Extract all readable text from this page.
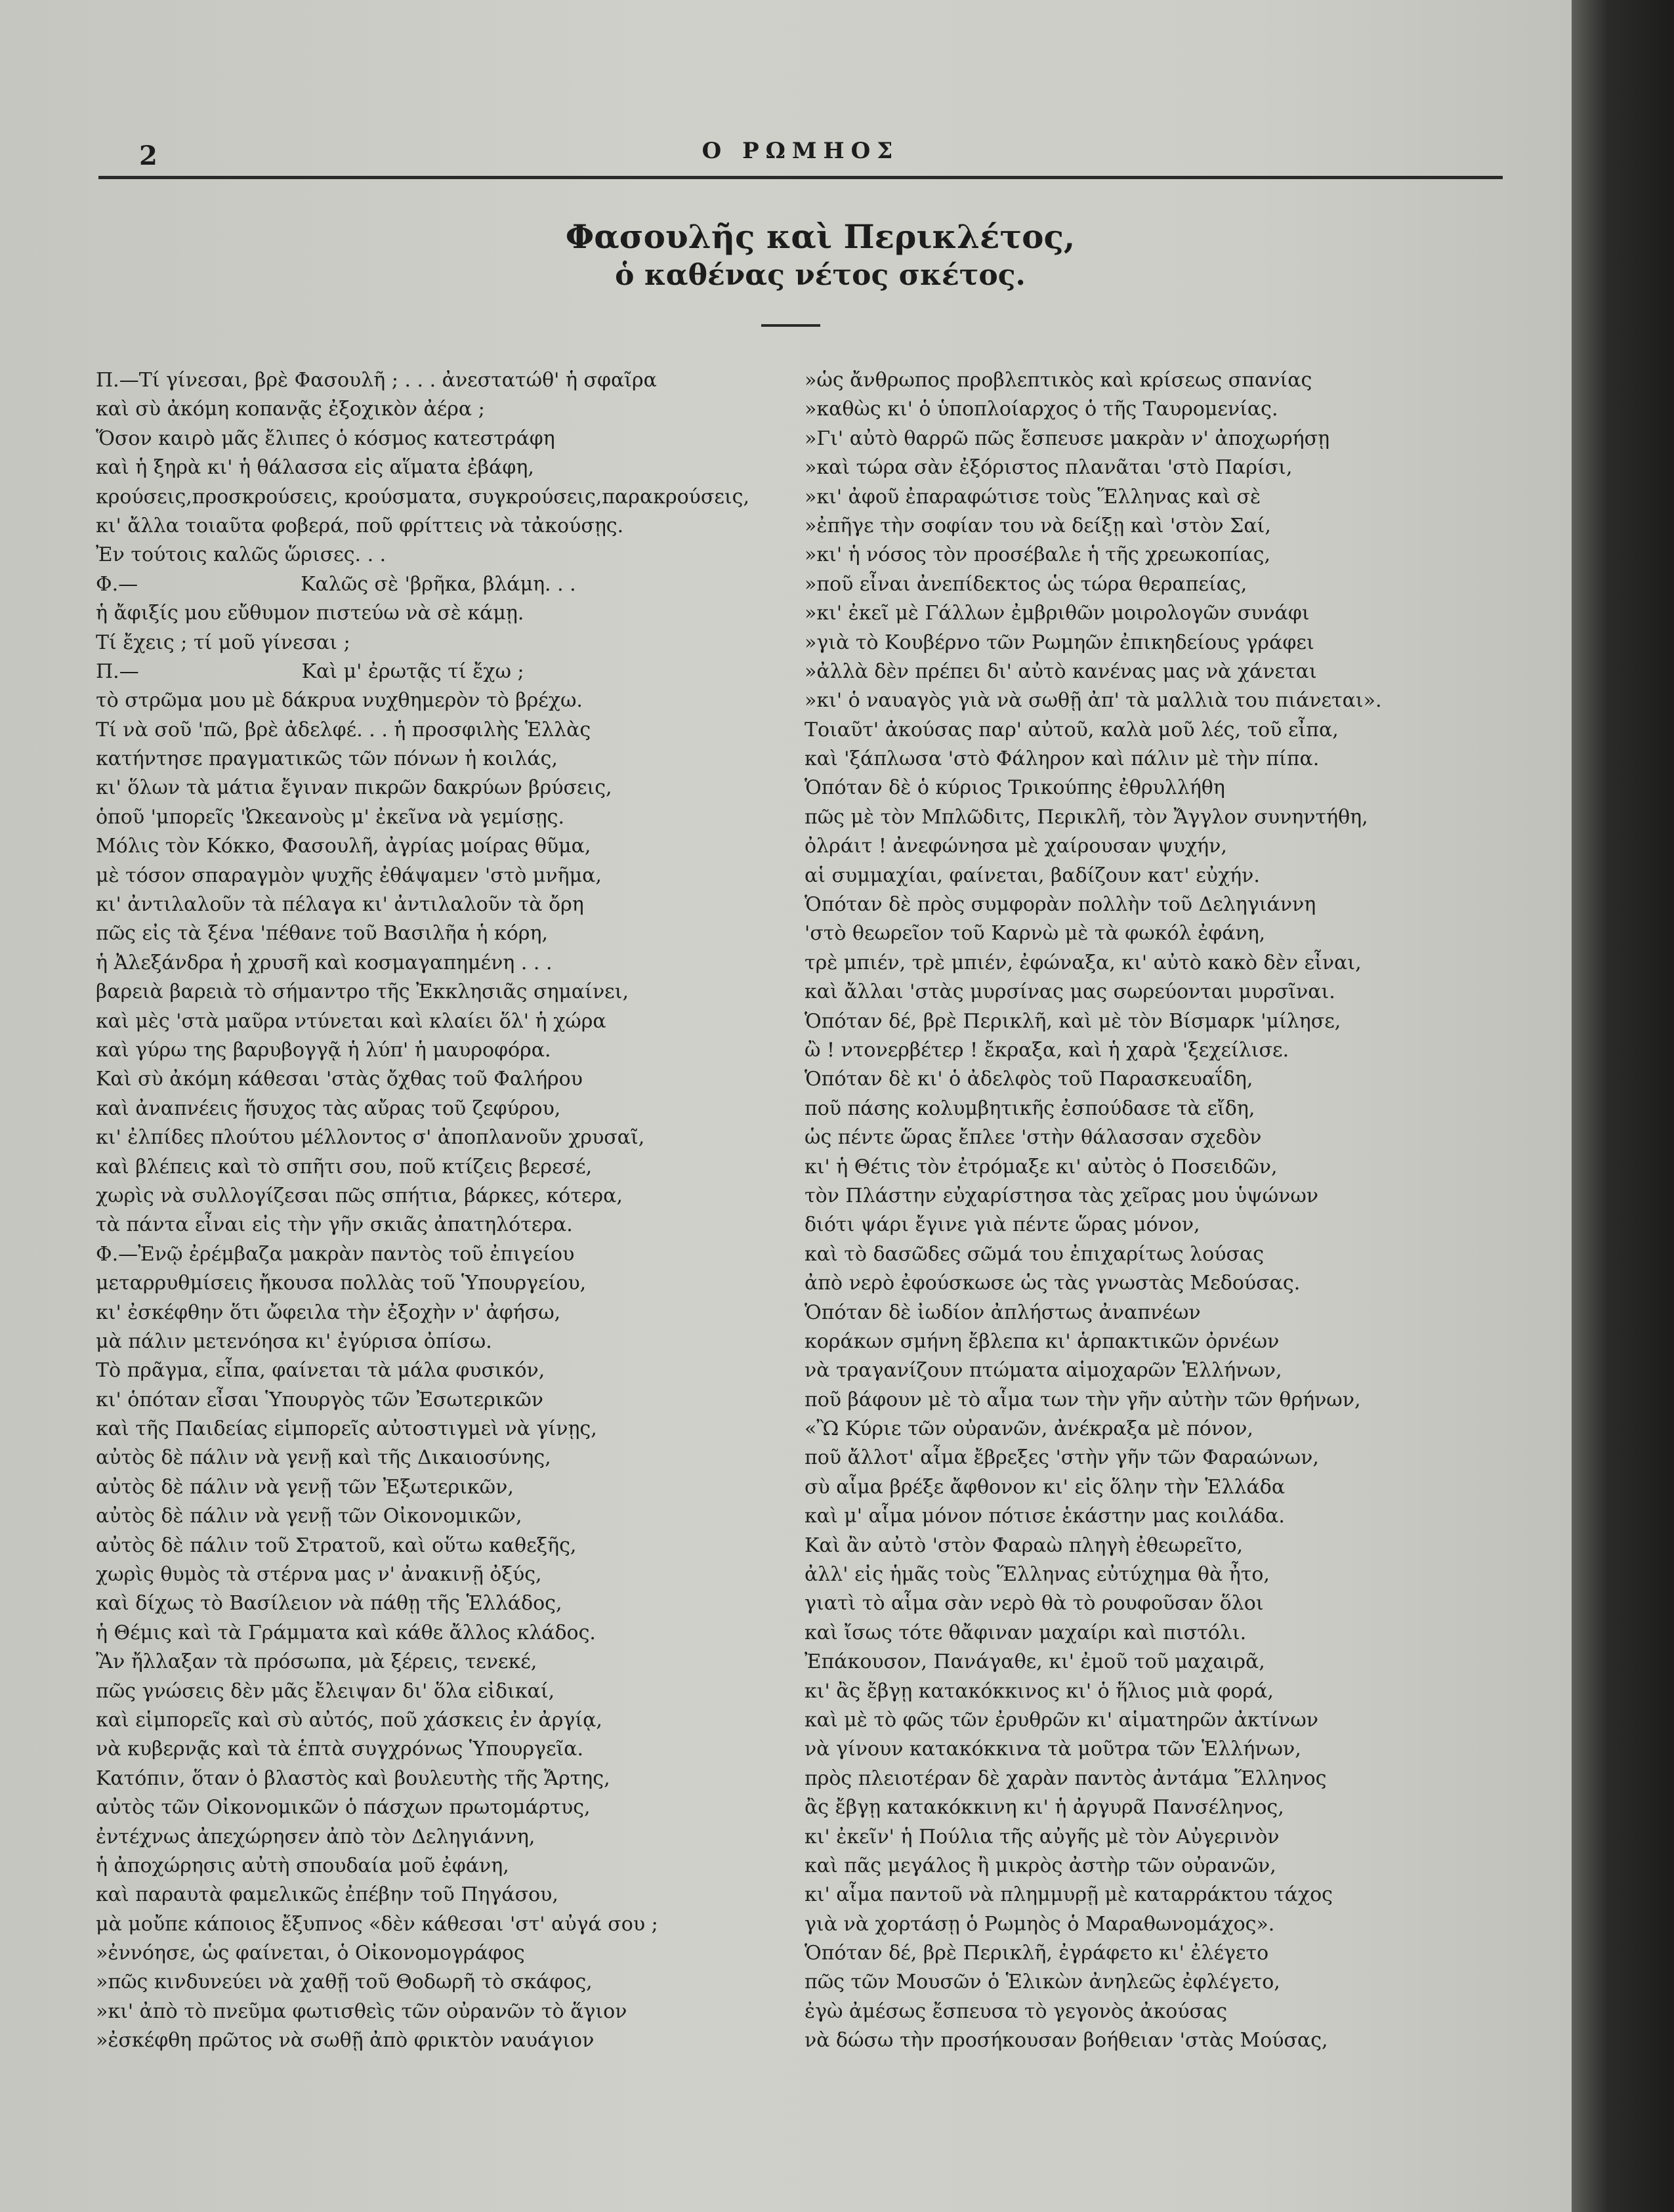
2	Ο ΡΩΜΗΟΣ
Φασουλῆς καὶ Περικλέτος,
ὁ καθένας νέτος σκέτος.
Π.—Τί γίνεσαι, βρὲ Φασουλῆ ; . . . ἀνεστατώθ' ἡ σφαῖρα
καὶ σὺ ἀκόμη κοπανᾷς ἐξοχικὸν ἀέρα ;
Ὅσον καιρὸ μᾶς ἔλιπες ὁ κόσμος κατεστράφη
καὶ ἡ ξηρὰ κι' ἡ θάλασσα εἰς αἵματα ἐβάφη,
κρούσεις,προσκρούσεις, κρούσματα, συγκρούσεις,παρακρούσεις,
κι' ἄλλα τοιαῦτα φοβερά, ποῦ φρίττεις νὰ τἀκούσῃς.
Ἐν τούτοις καλῶς ὥρισες. . .
Φ.—                          Καλῶς σὲ 'βρῆκα, βλάμη. . .
ἡ ἄφιξίς μου εὔθυμον πιστεύω νὰ σὲ κάμῃ.
Τί ἔχεις ; τί μοῦ γίνεσαι ;
Π.—                          Καὶ μ' ἐρωτᾷς τί ἔχω ;
τὸ στρῶμα μου μὲ δάκρυα νυχθημερὸν τὸ βρέχω.
Τί νὰ σοῦ 'πῶ, βρὲ ἀδελφέ. . . ἡ προσφιλὴς Ἑλλὰς
κατήντησε πραγματικῶς τῶν πόνων ἡ κοιλάς,
κι' ὅλων τὰ μάτια ἔγιναν πικρῶν δακρύων βρύσεις,
ὁποῦ 'μπορεῖς 'Ὠκεανοὺς μ' ἐκεῖνα νὰ γεμίσῃς.
Μόλις τὸν Κόκκο, Φασουλῆ, ἀγρίας μοίρας θῦμα,
μὲ τόσον σπαραγμὸν ψυχῆς ἐθάψαμεν 'στὸ μνῆμα,
κι' ἀντιλαλοῦν τὰ πέλαγα κι' ἀντιλαλοῦν τὰ ὄρη
πῶς εἰς τὰ ξένα 'πέθανε τοῦ Βασιλῆα ἡ κόρη,
ἡ Ἀλεξάνδρα ἡ χρυσῆ καὶ κοσμαγαπημένη . . .
βαρειὰ βαρειὰ τὸ σήμαντρο τῆς Ἐκκλησιᾶς σημαίνει,
καὶ μὲς 'στὰ μαῦρα ντύνεται καὶ κλαίει ὅλ' ἡ χώρα
καὶ γύρω της βαρυβογγᾷ ἡ λύπ' ἡ μαυροφόρα.
Καὶ σὺ ἀκόμη κάθεσαι 'στὰς ὄχθας τοῦ Φαλήρου
καὶ ἀναπνέεις ἥσυχος τὰς αὔρας τοῦ ζεφύρου,
κι' ἐλπίδες πλούτου μέλλοντος σ' ἀποπλανοῦν χρυσαῖ,
καὶ βλέπεις καὶ τὸ σπῆτι σου, ποῦ κτίζεις βερεσέ,
χωρὶς νὰ συλλογίζεσαι πῶς σπήτια, βάρκες, κότερα,
τὰ πάντα εἶναι εἰς τὴν γῆν σκιᾶς ἀπατηλότερα.
Φ.—Ἐνῷ ἐρέμβαζα μακρὰν παντὸς τοῦ ἐπιγείου
μεταρρυθμίσεις ἤκουσα πολλὰς τοῦ Ὑπουργείου,
κι' ἐσκέφθην ὅτι ὤφειλα τὴν ἐξοχὴν ν' ἀφήσω,
μὰ πάλιν μετενόησα κι' ἐγύρισα ὀπίσω.
Τὸ πρᾶγμα, εἶπα, φαίνεται τὰ μάλα φυσικόν,
κι' ὁπόταν εἶσαι Ὑπουργὸς τῶν Ἐσωτερικῶν
καὶ τῆς Παιδείας εἱμπορεῖς αὐτοστιγμεὶ νὰ γίνῃς,
αὐτὸς δὲ πάλιν νὰ γενῇ καὶ τῆς Δικαιοσύνης,
αὐτὸς δὲ πάλιν νὰ γενῇ τῶν Ἐξωτερικῶν,
αὐτὸς δὲ πάλιν νὰ γενῇ τῶν Οἰκονομικῶν,
αὐτὸς δὲ πάλιν τοῦ Στρατοῦ, καὶ οὕτω καθεξῆς,
χωρὶς θυμὸς τὰ στέρνα μας ν' ἀνακινῇ ὀξύς,
καὶ δίχως τὸ Βασίλειον νὰ πάθῃ τῆς Ἑλλάδος,
ἡ Θέμις καὶ τὰ Γράμματα καὶ κάθε ἄλλος κλάδος.
Ἂν ἤλλαξαν τὰ πρόσωπα, μὰ ξέρεις, τενεκέ,
πῶς γνώσεις δὲν μᾶς ἔλειψαν δι' ὅλα εἰδικαί,
καὶ εἱμπορεῖς καὶ σὺ αὐτός, ποῦ χάσκεις ἐν ἀργίᾳ,
νὰ κυβερνᾷς καὶ τὰ ἑπτὰ συγχρόνως Ὑπουργεῖα.
Κατόπιν, ὅταν ὁ βλαστὸς καὶ βουλευτὴς τῆς Ἄρτης,
αὐτὸς τῶν Οἰκονομικῶν ὁ πάσχων πρωτομάρτυς,
ἐντέχνως ἀπεχώρησεν ἀπὸ τὸν Δεληγιάννη,
ἡ ἀποχώρησις αὐτὴ σπουδαία μοῦ ἐφάνη,
καὶ παραυτὰ φαμελικῶς ἐπέβην τοῦ Πηγάσου,
μὰ μοὔπε κάποιος ἔξυπνος «δὲν κάθεσαι 'στ' αὐγά σου ;
»ἐννόησε, ὡς φαίνεται, ὁ Οἰκονομογράφος
»πῶς κινδυνεύει νὰ χαθῇ τοῦ Θοδωρῆ τὸ σκάφος,
»κι' ἀπὸ τὸ πνεῦμα φωτισθεὶς τῶν οὐρανῶν τὸ ἅγιον
»ἐσκέφθη πρῶτος νὰ σωθῇ ἀπὸ φρικτὸν ναυάγιον
»ὡς ἄνθρωπος προβλεπτικὸς καὶ κρίσεως σπανίας
»καθὼς κι' ὁ ὑποπλοίαρχος ὁ τῆς Ταυρομενίας.
»Γι' αὐτὸ θαρρῶ πῶς ἔσπευσε μακρὰν ν' ἀποχωρήσῃ
»καὶ τώρα σὰν ἐξόριστος πλανᾶται 'στὸ Παρίσι,
»κι' ἀφοῦ ἐπαραφώτισε τοὺς Ἕλληνας καὶ σὲ
»ἐπῆγε τὴν σοφίαν του νὰ δείξῃ καὶ 'στὸν Σαί,
»κι' ἡ νόσος τὸν προσέβαλε ἡ τῆς χρεωκοπίας,
»ποῦ εἶναι ἀνεπίδεκτος ὡς τώρα θεραπείας,
»κι' ἐκεῖ μὲ Γάλλων ἐμβριθῶν μοιρολογῶν συνάφι
»γιὰ τὸ Κουβέρνο τῶν Ρωμηῶν ἐπικηδείους γράφει
»ἀλλὰ δὲν πρέπει δι' αὐτὸ κανένας μας νὰ χάνεται
»κι' ὁ ναυαγὸς γιὰ νὰ σωθῇ ἀπ' τὰ μαλλιὰ του πιάνεται».
Τοιαῦτ' ἀκούσας παρ' αὐτοῦ, καλὰ μοῦ λές, τοῦ εἶπα,
καὶ 'ξάπλωσα 'στὸ Φάληρον καὶ πάλιν μὲ τὴν πίπα.
Ὁπόταν δὲ ὁ κύριος Τρικούπης ἐθρυλλήθη
πῶς μὲ τὸν Μπλῶδιτς, Περικλῆ, τὸν Ἄγγλον συνηντήθη,
ὀλράιτ ! ἀνεφώνησα μὲ χαίρουσαν ψυχήν,
αἱ συμμαχίαι, φαίνεται, βαδίζουν κατ' εὐχήν.
Ὁπόταν δὲ πρὸς συμφορὰν πολλὴν τοῦ Δεληγιάννη
'στὸ θεωρεῖον τοῦ Καρνὼ μὲ τὰ φωκόλ ἐφάνη,
τρὲ μπιέν, τρὲ μπιέν, ἐφώναξα, κι' αὐτὸ κακὸ δὲν εἶναι,
καὶ ἄλλαι 'στὰς μυρσίνας μας σωρεύονται μυρσῖναι.
Ὁπόταν δέ, βρὲ Περικλῆ, καὶ μὲ τὸν Βίσμαρκ 'μίλησε,
ὢ ! ντονερβέτερ ! ἔκραξα, καὶ ἡ χαρὰ 'ξεχείλισε.
Ὁπόταν δὲ κι' ὁ ἀδελφὸς τοῦ Παρασκευαΐδη,
ποῦ πάσης κολυμβητικῆς ἐσπούδασε τὰ εἴδη,
ὡς πέντε ὥρας ἔπλεε 'στὴν θάλασσαν σχεδὸν
κι' ἡ Θέτις τὸν ἐτρόμαξε κι' αὐτὸς ὁ Ποσειδῶν,
τὸν Πλάστην εὐχαρίστησα τὰς χεῖρας μου ὑψώνων
διότι ψάρι ἔγινε γιὰ πέντε ὥρας μόνον,
καὶ τὸ δασῶδες σῶμά του ἐπιχαρίτως λούσας
ἀπὸ νερὸ ἐφούσκωσε ὡς τὰς γνωστὰς Μεδούσας.
Ὁπόταν δὲ ἰωδίον ἀπλήστως ἀναπνέων
κοράκων σμήνη ἔβλεπα κι' ἁρπακτικῶν ὀρνέων
νὰ τραγανίζουν πτώματα αἱμοχαρῶν Ἑλλήνων,
ποῦ βάφουν μὲ τὸ αἷμα των τὴν γῆν αὐτὴν τῶν θρήνων,
«Ὢ Κύριε τῶν οὐρανῶν, ἀνέκραξα μὲ πόνον,
ποῦ ἄλλοτ' αἷμα ἔβρεξες 'στὴν γῆν τῶν Φαραώνων,
σὺ αἷμα βρέξε ἄφθονον κι' εἰς ὅλην τὴν Ἑλλάδα
καὶ μ' αἷμα μόνον πότισε ἑκάστην μας κοιλάδα.
Καὶ ἂν αὐτὸ 'στὸν Φαραὼ πληγὴ ἐθεωρεῖτο,
ἀλλ' εἰς ἡμᾶς τοὺς Ἕλληνας εὐτύχημα θὰ ἦτο,
γιατὶ τὸ αἷμα σὰν νερὸ θὰ τὸ ρουφοῦσαν ὅλοι
καὶ ἴσως τότε θἄφιναν μαχαίρι καὶ πιστόλι.
Ἐπάκουσον, Πανάγαθε, κι' ἐμοῦ τοῦ μαχαιρᾶ,
κι' ἂς ἔβγῃ κατακόκκινος κι' ὁ ἥλιος μιὰ φορά,
καὶ μὲ τὸ φῶς τῶν ἐρυθρῶν κι' αἱματηρῶν ἀκτίνων
νὰ γίνουν κατακόκκινα τὰ μοῦτρα τῶν Ἑλλήνων,
πρὸς πλειοτέραν δὲ χαρὰν παντὸς ἀντάμα Ἕλληνος
ἂς ἔβγῃ κατακόκκινη κι' ἡ ἀργυρᾶ Πανσέληνος,
κι' ἐκεῖν' ἡ Πούλια τῆς αὐγῆς μὲ τὸν Αὐγερινὸν
καὶ πᾶς μεγάλος ἢ μικρὸς ἀστὴρ τῶν οὐρανῶν,
κι' αἷμα παντοῦ νὰ πλημμυρῇ μὲ καταρράκτου τάχος
γιὰ νὰ χορτάσῃ ὁ Ρωμηὸς ὁ Μαραθωνομάχος».
Ὁπόταν δέ, βρὲ Περικλῆ, ἐγράφετο κι' ἐλέγετο
πῶς τῶν Μουσῶν ὁ Ἑλικὼν ἀνηλεῶς ἐφλέγετο,
ἐγὼ ἀμέσως ἔσπευσα τὸ γεγονὸς ἀκούσας
νὰ δώσω τὴν προσήκουσαν βοήθειαν 'στὰς Μούσας,
